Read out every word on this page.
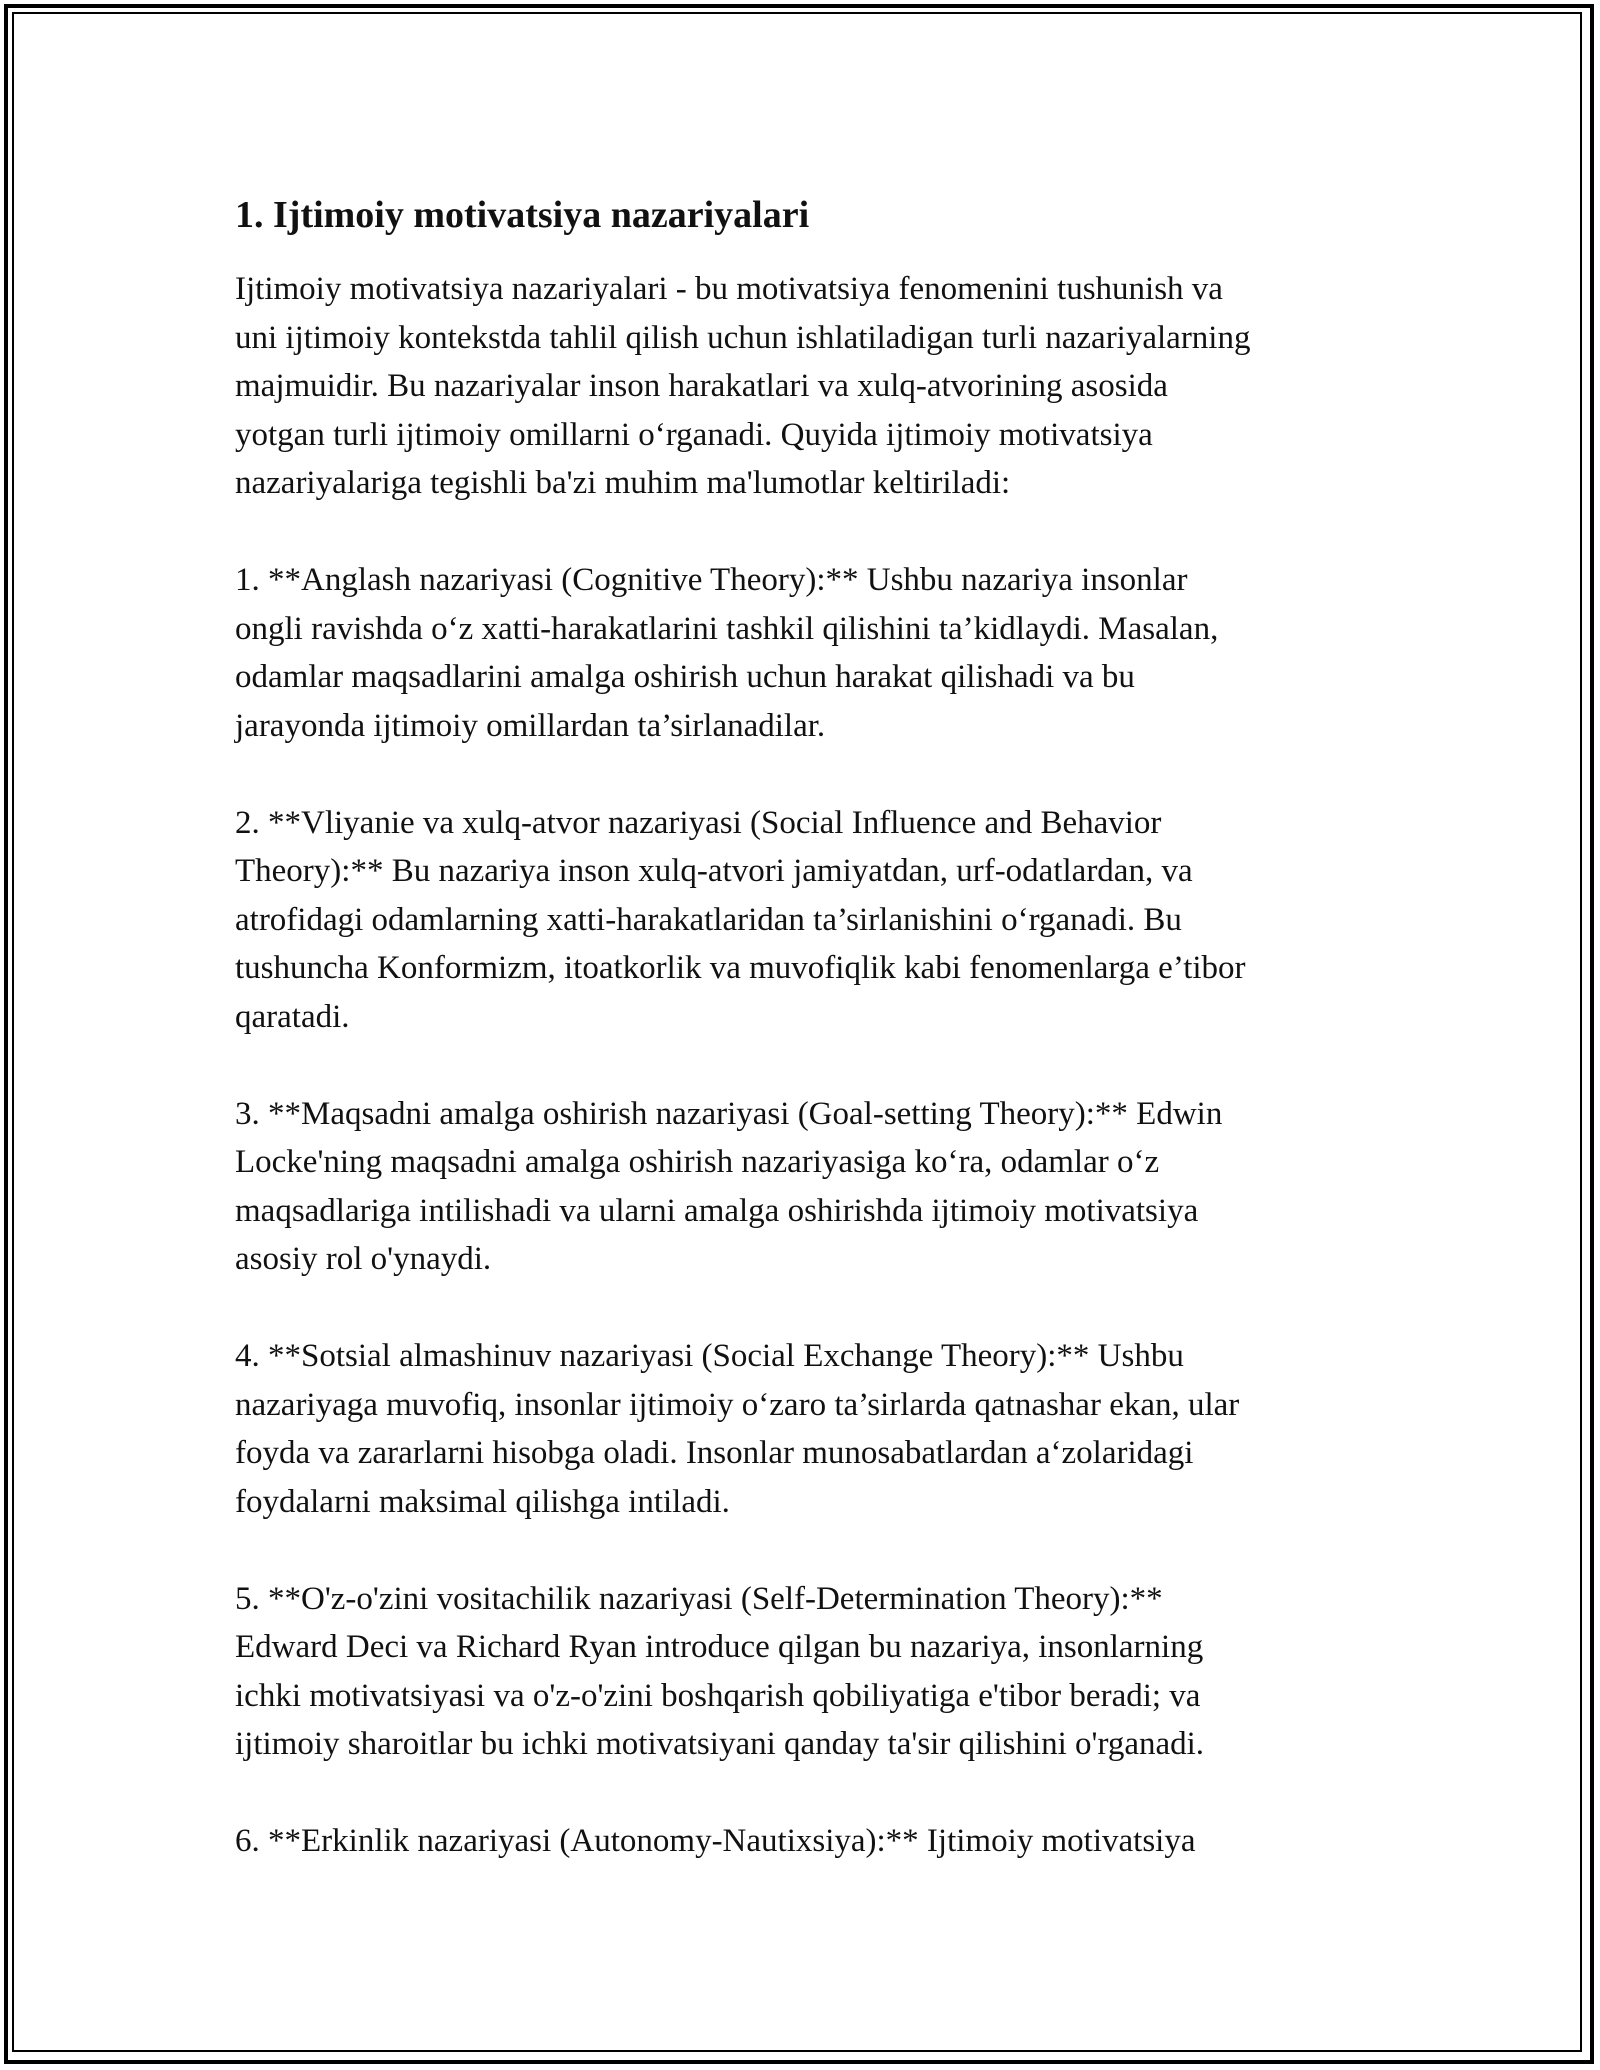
1. Ijtimoiy motivatsiya nazariyalari

Ijtimoiy motivatsiya nazariyalari - bu motivatsiya fenomenini tushunish va
uni ijtimoiy kontekstda tahlil qilish uchun ishlatiladigan turli nazariyalarning
majmuidir. Bu nazariyalar inson harakatlari va xulq-atvorining asosida
yotgan turli ijtimoiy omillarni o‘rganadi. Quyida ijtimoiy motivatsiya
nazariyalariga tegishli ba'zi muhim ma'lumotlar keltiriladi:

1. **Anglash nazariyasi (Cognitive Theory):** Ushbu nazariya insonlar
ongli ravishda o‘z xatti-harakatlarini tashkil qilishini ta’kidlaydi. Masalan,
odamlar maqsadlarini amalga oshirish uchun harakat qilishadi va bu
jarayonda ijtimoiy omillardan ta’sirlanadilar.

2. **Vliyanie va xulq-atvor nazariyasi (Social Influence and Behavior
Theory):** Bu nazariya inson xulq-atvori jamiyatdan, urf-odatlardan, va
atrofidagi odamlarning xatti-harakatlaridan ta’sirlanishini o‘rganadi. Bu
tushuncha Konformizm, itoatkorlik va muvofiqlik kabi fenomenlarga e’tibor
qaratadi.

3. **Maqsadni amalga oshirish nazariyasi (Goal-setting Theory):** Edwin
Locke'ning maqsadni amalga oshirish nazariyasiga ko‘ra, odamlar o‘z
maqsadlariga intilishadi va ularni amalga oshirishda ijtimoiy motivatsiya
asosiy rol o'ynaydi.

4. **Sotsial almashinuv nazariyasi (Social Exchange Theory):** Ushbu
nazariyaga muvofiq, insonlar ijtimoiy o‘zaro ta’sirlarda qatnashar ekan, ular
foyda va zararlarni hisobga oladi. Insonlar munosabatlardan a‘zolaridagi
foydalarni maksimal qilishga intiladi.

5. **O'z-o'zini vositachilik nazariyasi (Self-Determination Theory):**
Edward Deci va Richard Ryan introduce qilgan bu nazariya, insonlarning
ichki motivatsiyasi va o'z-o'zini boshqarish qobiliyatiga e'tibor beradi; va
ijtimoiy sharoitlar bu ichki motivatsiyani qanday ta'sir qilishini o'rganadi.

6. **Erkinlik nazariyasi (Autonomy-Nautixsiya):** Ijtimoiy motivatsiya
